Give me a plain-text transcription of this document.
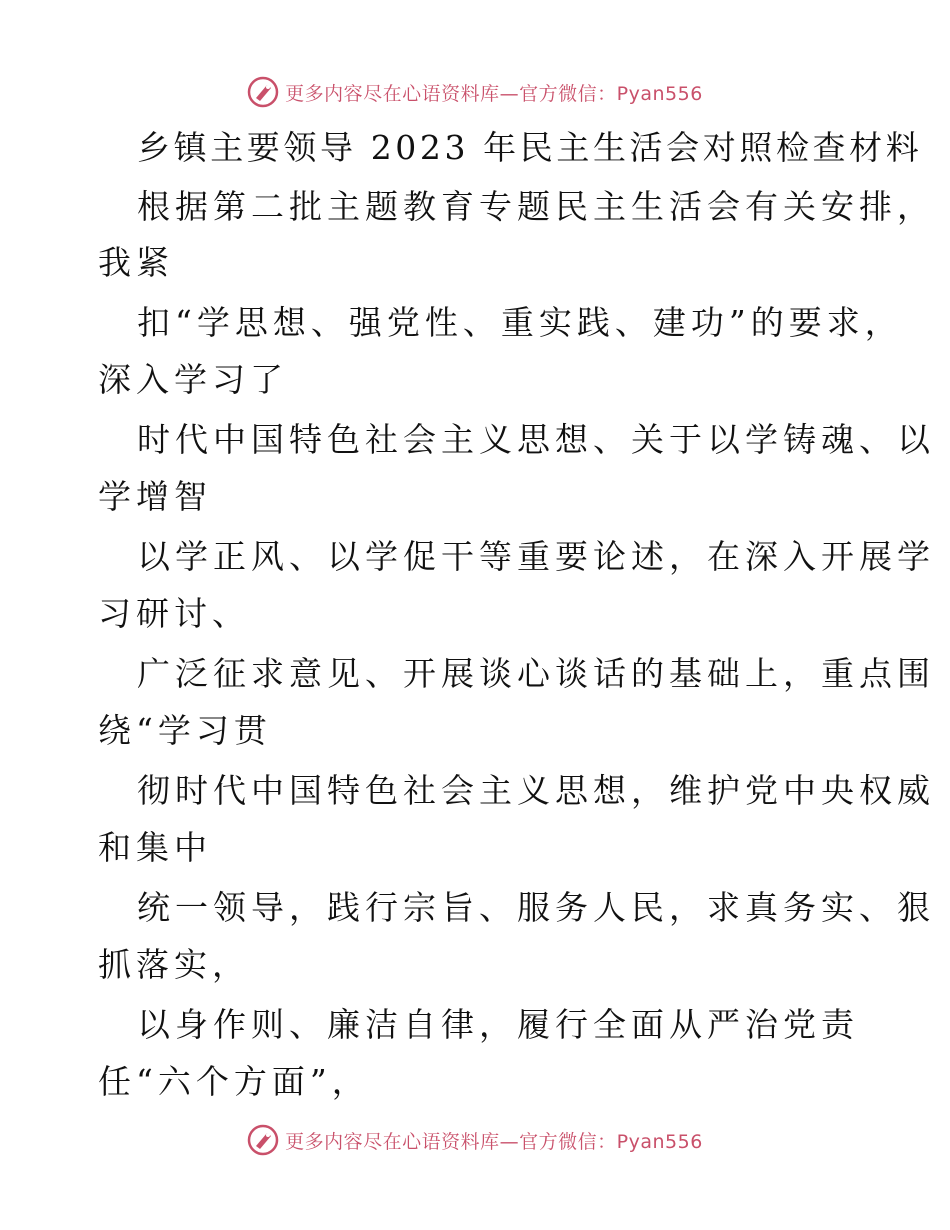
更多内容尽在心语资料库—官方微信：Pyan556
乡镇主要领导 2023 年民主生活会对照检查材料
根据第二批主题教育专题民主生活会有关安排，
我紧
扣“学思想、强党性、重实践、建功”的要求，
深入学习了
时代中国特色社会主义思想、关于以学铸魂、以
学增智
以学正风、以学促干等重要论述，在深入开展学
习研讨、
广泛征求意见、开展谈心谈话的基础上，重点围
绕“学习贯
彻时代中国特色社会主义思想，维护党中央权威
和集中
统一领导，践行宗旨、服务人民，求真务实、狠
抓落实，
以身作则、廉洁自律，履行全面从严治党责
任“六个方面”，
更多内容尽在心语资料库—官方微信：Pyan556
